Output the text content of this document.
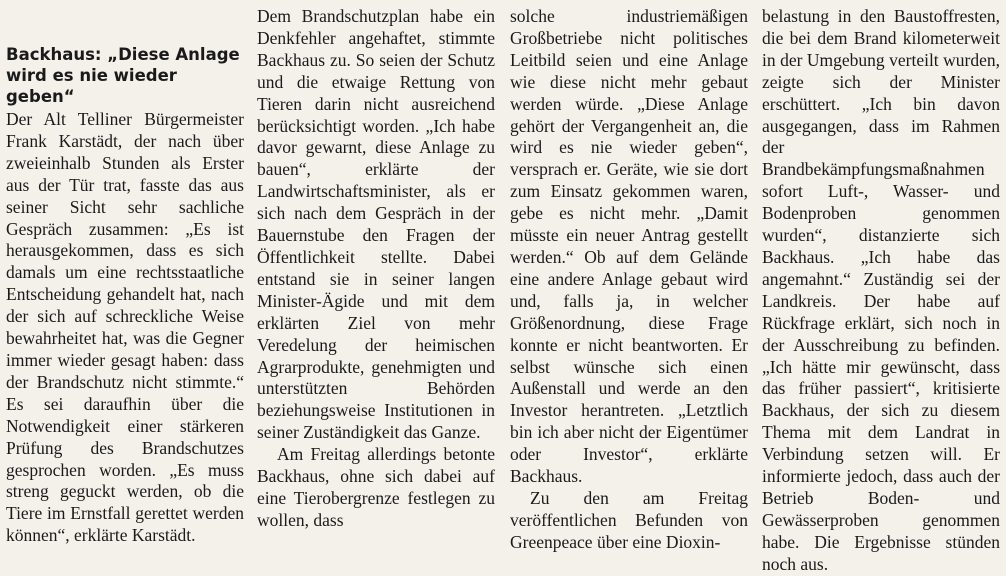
Backhaus: „Diese Anlage wird es nie wieder geben“

Der Alt Telliner Bürgermeister Frank Karstädt, der nach über zweieinhalb Stunden als Erster aus der Tür trat, fasste das aus seiner Sicht sehr sachliche Gespräch zusammen: „Es ist herausgekommen, dass es sich damals um eine rechtsstaatliche Entscheidung gehandelt hat, nach der sich auf schreckliche Weise bewahrheitet hat, was die Gegner immer wieder gesagt haben: dass der Brandschutz nicht stimmte.“ Es sei daraufhin über die Notwendigkeit einer stärkeren Prüfung des Brandschutzes gesprochen worden. „Es muss streng geguckt werden, ob die Tiere im Ernstfall gerettet werden können“, erklärte Karstädt.

Dem Brandschutzplan habe ein Denkfehler angehaftet, stimmte Backhaus zu. So seien der Schutz und die etwaige Rettung von Tieren darin nicht ausreichend berücksichtigt worden. „Ich habe davor gewarnt, diese Anlage zu bauen“, erklärte der Landwirtschaftsminister, als er sich nach dem Gespräch in der Bauernstube den Fragen der Öffentlichkeit stellte. Dabei entstand sie in seiner langen Minister-Ägide und mit dem erklärten Ziel von mehr Veredelung der heimischen Agrarprodukte, genehmigten und unterstützten Behörden beziehungsweise Institutionen in seiner Zuständigkeit das Ganze.

Am Freitag allerdings betonte Backhaus, ohne sich dabei auf eine Tierobergrenze festlegen zu wollen, dass

solche industriemäßigen Großbetriebe nicht politisches Leitbild seien und eine Anlage wie diese nicht mehr gebaut werden würde. „Diese Anlage gehört der Vergangenheit an, die wird es nie wieder geben“, versprach er. Geräte, wie sie dort zum Einsatz gekommen waren, gebe es nicht mehr. „Damit müsste ein neuer Antrag gestellt werden.“ Ob auf dem Gelände eine andere Anlage gebaut wird und, falls ja, in welcher Größenordnung, diese Frage konnte er nicht beantworten. Er selbst wünsche sich einen Außenstall und werde an den Investor herantreten. „Letztlich bin ich aber nicht der Eigentümer oder Investor“, erklärte Backhaus.

Zu den am Freitag veröffentlichen Befunden von Greenpeace über eine Dioxin-

belastung in den Baustoffresten, die bei dem Brand kilometerweit in der Umgebung verteilt wurden, zeigte sich der Minister erschüttert. „Ich bin davon ausgegangen, dass im Rahmen der Brandbekämpfungsmaßnahmen sofort Luft-, Wasser- und Bodenproben genommen wurden“, distanzierte sich Backhaus. „Ich habe das angemahnt.“ Zuständig sei der Landkreis. Der habe auf Rückfrage erklärt, sich noch in der Ausschreibung zu befinden. „Ich hätte mir gewünscht, dass das früher passiert“, kritisierte Backhaus, der sich zu diesem Thema mit dem Landrat in Verbindung setzen will. Er informierte jedoch, dass auch der Betrieb Boden- und Gewässerproben genommen habe. Die Ergebnisse stünden noch aus.
